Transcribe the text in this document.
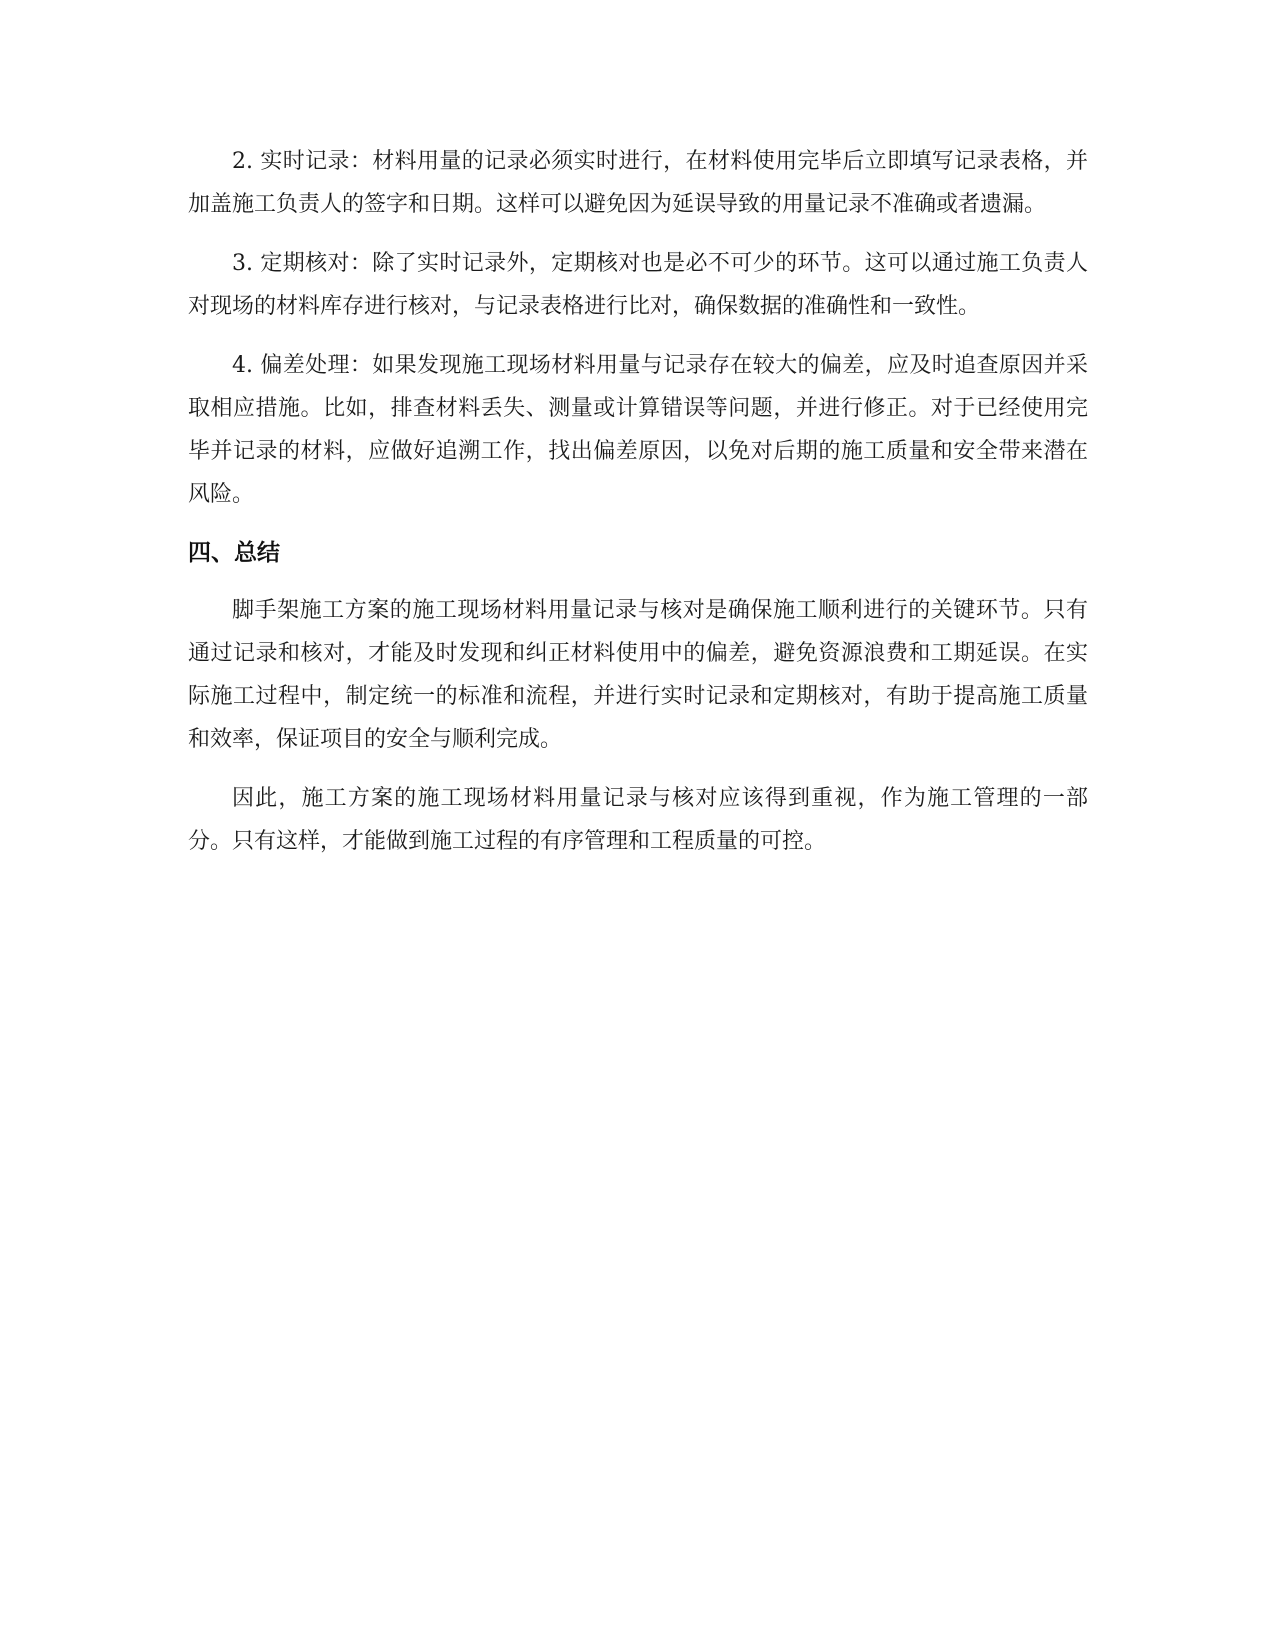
2. 实时记录：材料用量的记录必须实时进行，在材料使用完毕后立即填写记录表格，并加盖施工负责人的签字和日期。这样可以避免因为延误导致的用量记录不准确或者遗漏。

3. 定期核对：除了实时记录外，定期核对也是必不可少的环节。这可以通过施工负责人对现场的材料库存进行核对，与记录表格进行比对，确保数据的准确性和一致性。

4. 偏差处理：如果发现施工现场材料用量与记录存在较大的偏差，应及时追查原因并采取相应措施。比如，排查材料丢失、测量或计算错误等问题，并进行修正。对于已经使用完毕并记录的材料，应做好追溯工作，找出偏差原因，以免对后期的施工质量和安全带来潜在风险。

四、总结

脚手架施工方案的施工现场材料用量记录与核对是确保施工顺利进行的关键环节。只有通过记录和核对，才能及时发现和纠正材料使用中的偏差，避免资源浪费和工期延误。在实际施工过程中，制定统一的标准和流程，并进行实时记录和定期核对，有助于提高施工质量和效率，保证项目的安全与顺利完成。

因此，施工方案的施工现场材料用量记录与核对应该得到重视，作为施工管理的一部分。只有这样，才能做到施工过程的有序管理和工程质量的可控。
